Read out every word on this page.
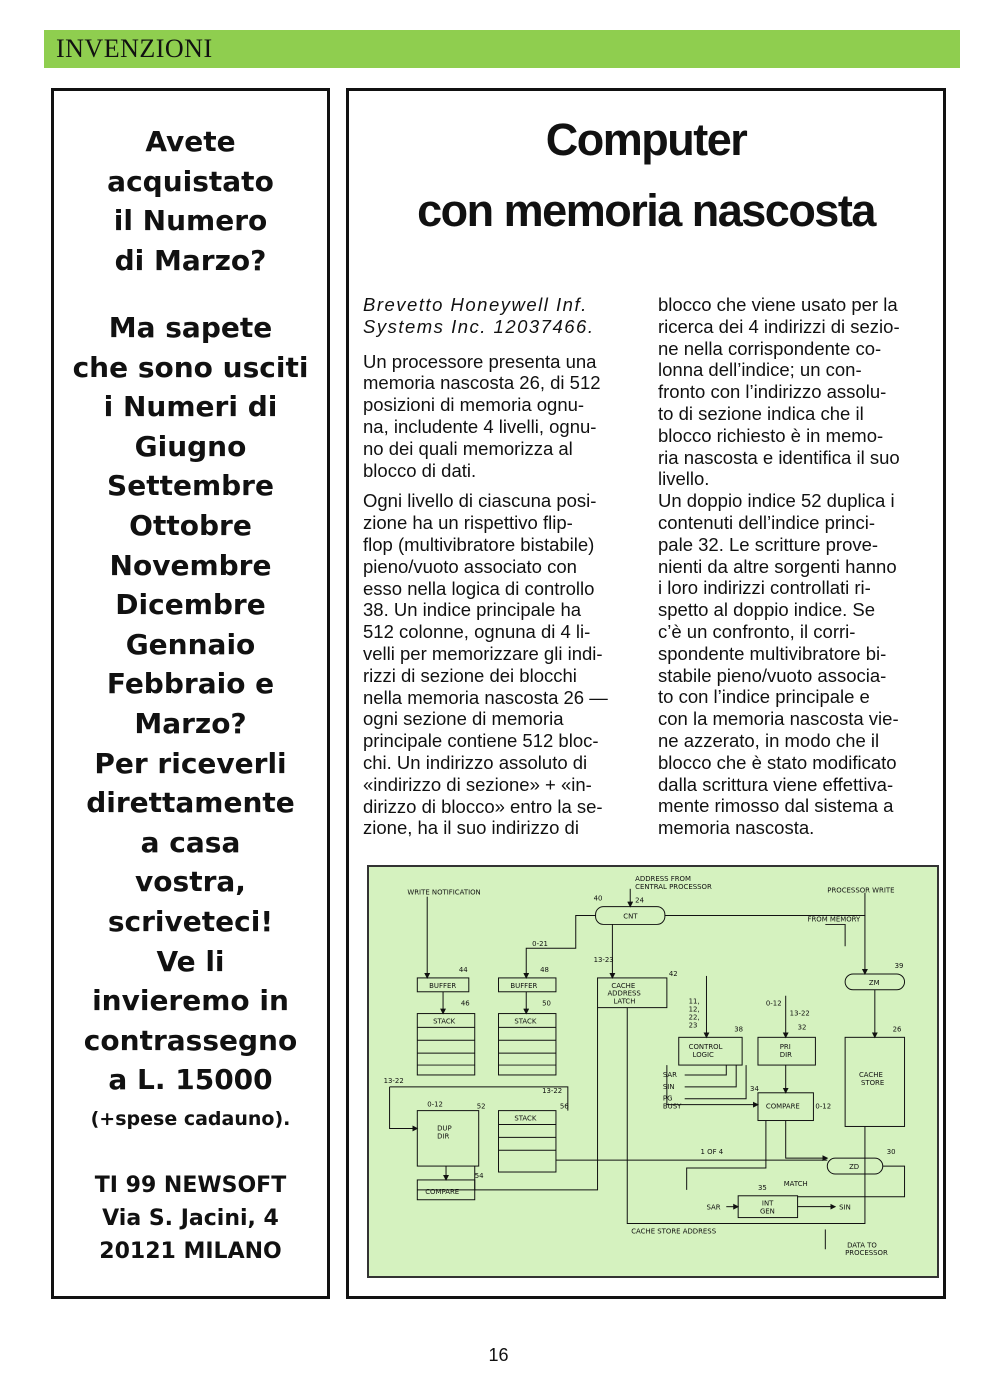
INVENZIONI

Avete

acquistato

il Numero

di Marzo?

Ma sapete

che sono usciti

i Numeri di

Giugno

Settembre

Ottobre

Novembre

Dicembre

Gennaio

Febbraio e

Marzo?

Per riceverli

direttamente

a casa

vostra,

scriveteci!

Ve li

invieremo in

contrassegno

a L. 15000

(+spese cadauno).

TI 99 NEWSOFT

Via S. Jacini, 4

20121 MILANO

Computer
con memoria nascosta

Brevetto Honeywell Inf.
Systems Inc. 12037466.

Un processore presenta una
memoria nascosta 26, di 512
posizioni di memoria ognu-
na, includente 4 livelli, ognu-
no dei quali memorizza al
blocco di dati.

Ogni livello di ciascuna posi-
zione ha un rispettivo flip-
flop (multivibratore bistabile)
pieno/vuoto associato con
esso nella logica di controllo
38. Un indice principale ha
512 colonne, ognuna di 4 li-
velli per memorizzare gli indi-
rizzi di sezione dei blocchi
nella memoria nascosta 26 —
ogni sezione di memoria
principale contiene 512 bloc-
chi. Un indirizzo assoluto di
«indirizzo di sezione» + «in-
dirizzo di blocco» entro la se-
zione, ha il suo indirizzo di

blocco che viene usato per la
ricerca dei 4 indirizzi di sezio-
ne nella corrispondente co-
lonna dell’indice; un con-
fronto con l’indirizzo assolu-
to di sezione indica che il
blocco richiesto è in memo-
ria nascosta e identifica il suo
livello.

Un doppio indice 52 duplica i
contenuti dell’indice princi-
pale 32. Le scritture prove-
nienti da altre sorgenti hanno
i loro indirizzi controllati ri-
spetto al doppio indice. Se
c’è un confronto, il corri-
spondente multivibratore bi-
stabile pieno/vuoto associa-
to con l’indice principale e
con la memoria nascosta vie-
ne azzerato, in modo che il
blocco che è stato modificato
dalla scrittura viene effettiva-
mente rimosso dal sistema a
memoria nascosta.

WRITE NOTIFICATION
ADDRESS FROM
CENTRAL PROCESSOR	PROCESSOR WRITE
FROM MEMORY
CNT
40	24
0-21
13-23
BUFFER	BUFFER
44	48
46	50
STACK	STACK
CACHE
ADDRESS
LATCH
42
ZM
39
11,
12,
22,
23
0-12
13-22
32
38
CONTROL
LOGIC
PRI
DIR
26
CACHE
STORE
SAR
SIN
PG
BUSY
34
COMPARE 0-12
13-22
13-22
0-12	52	56
DUP
DIR
STACK
1 OF 4
ZD
30
54
COMPARE	35 MATCH
INT
GEN
SAR	SIN
CACHE STORE ADDRESS
DATA TO
PROCESSOR
16
